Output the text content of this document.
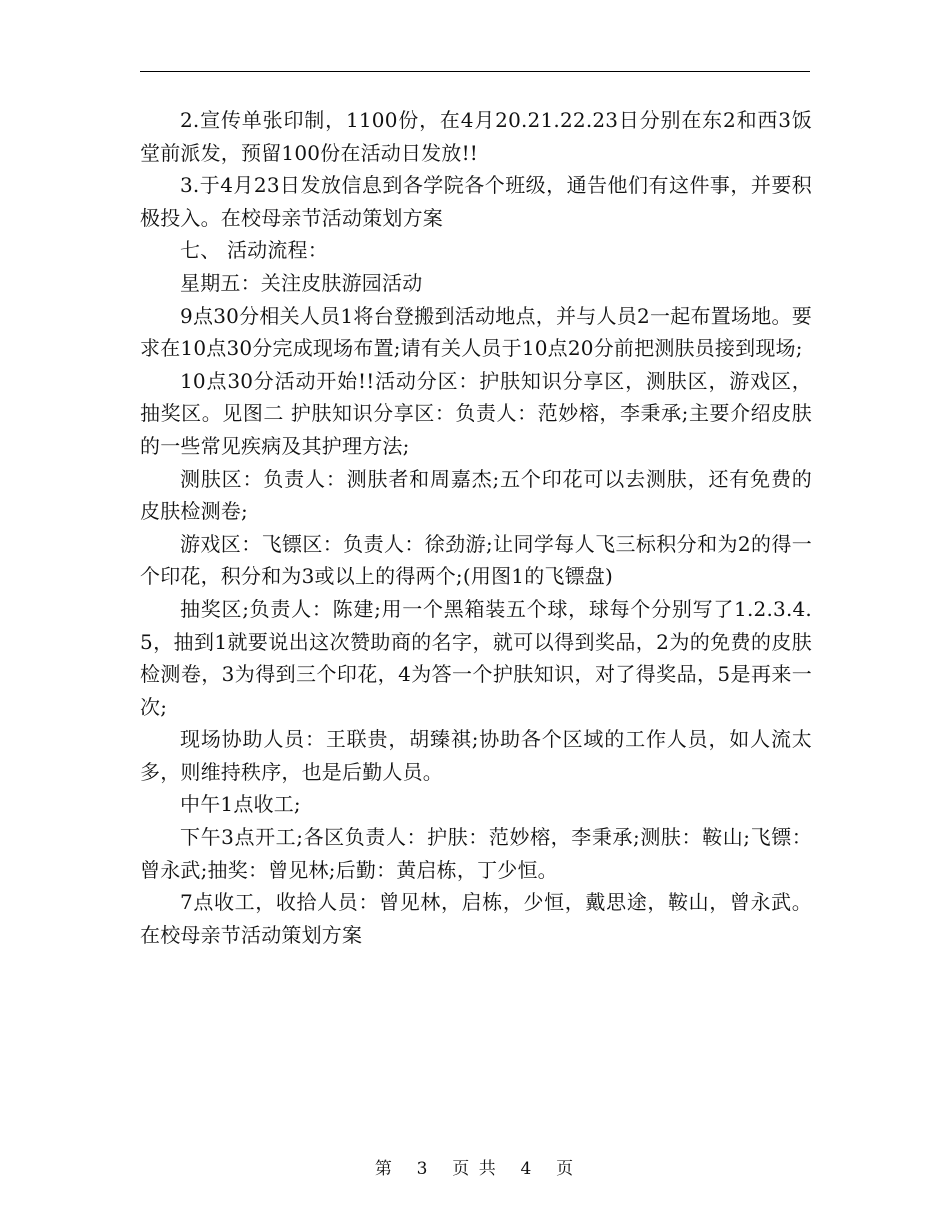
2.宣传单张印制，1100份，在4月20.21.22.23日分别在东2和西3饭堂前派发，预留100份在活动日发放!!

3.于4月23日发放信息到各学院各个班级，通告他们有这件事，并要积极投入。在校母亲节活动策划方案

七、 活动流程：

星期五：关注皮肤游园活动

9点30分相关人员1将台登搬到活动地点，并与人员2一起布置场地。要求在10点30分完成现场布置;请有关人员于10点20分前把测肤员接到现场;

10点30分活动开始!!活动分区：护肤知识分享区，测肤区，游戏区，抽奖区。见图二 护肤知识分享区：负责人：范妙榕，李秉承;主要介绍皮肤的一些常见疾病及其护理方法;

测肤区：负责人：测肤者和周嘉杰;五个印花可以去测肤，还有免费的皮肤检测卷;

游戏区：飞镖区：负责人：徐劲游;让同学每人飞三标积分和为2的得一个印花，积分和为3或以上的得两个;(用图1的飞镖盘)

抽奖区;负责人：陈建;用一个黑箱装五个球，球每个分别写了1.2.3.4.5，抽到1就要说出这次赞助商的名字，就可以得到奖品，2为的免费的皮肤检测卷，3为得到三个印花，4为答一个护肤知识，对了得奖品，5是再来一次;

现场协助人员：王联贵，胡臻祺;协助各个区域的工作人员，如人流太多，则维持秩序，也是后勤人员。

中午1点收工;

下午3点开工;各区负责人：护肤：范妙榕，李秉承;测肤：鞍山;飞镖：曾永武;抽奖：曾见林;后勤：黄启栋，丁少恒。

7点收工，收拾人员：曾见林，启栋，少恒，戴思途，鞍山，曾永武。在校母亲节活动策划方案

第 3 页 共 4 页
